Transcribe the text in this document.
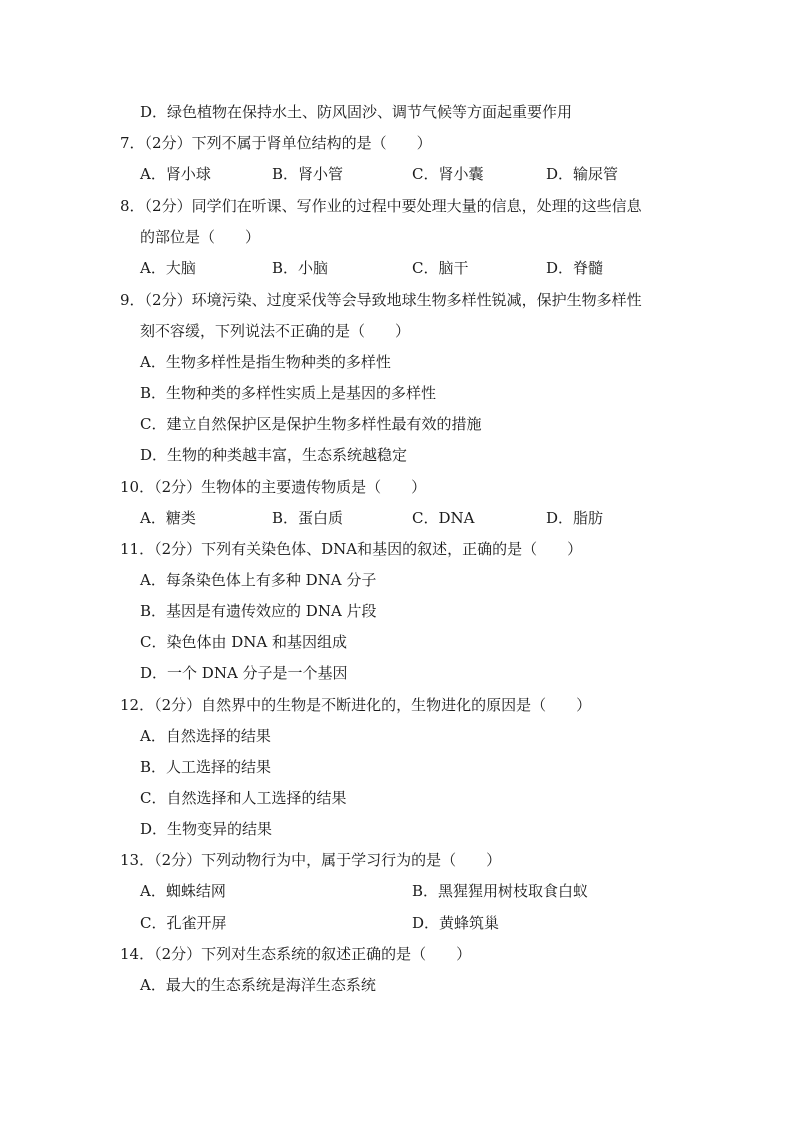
D．绿色植物在保持水土、防风固沙、调节气候等方面起重要作用
7．（2分）下列不属于肾单位结构的是（　　）
A．肾小球	B．肾小管	C．肾小囊	D．输尿管
8．（2分）同学们在听课、写作业的过程中要处理大量的信息，处理的这些信息
的部位是（　　）
A．大脑	B．小脑	C．脑干	D．脊髓
9．（2分）环境污染、过度采伐等会导致地球生物多样性锐减，保护生物多样性
刻不容缓，下列说法不正确的是（　　）
A．生物多样性是指生物种类的多样性
B．生物种类的多样性实质上是基因的多样性
C．建立自然保护区是保护生物多样性最有效的措施
D．生物的种类越丰富，生态系统越稳定
10．（2分）生物体的主要遗传物质是（　　）
A．糖类	B．蛋白质	C．DNA	D．脂肪
11．（2分）下列有关染色体、DNA和基因的叙述，正确的是（　　）
A．每条染色体上有多种 DNA 分子
B．基因是有遗传效应的 DNA 片段
C．染色体由 DNA 和基因组成
D．一个 DNA 分子是一个基因
12．（2分）自然界中的生物是不断进化的，生物进化的原因是（　　）
A．自然选择的结果
B．人工选择的结果
C．自然选择和人工选择的结果
D．生物变异的结果
13．（2分）下列动物行为中，属于学习行为的是（　　）
A．蜘蛛结网	B．黑猩猩用树枝取食白蚁
C．孔雀开屏	D．黄蜂筑巢
14．（2分）下列对生态系统的叙述正确的是（　　）
A．最大的生态系统是海洋生态系统
